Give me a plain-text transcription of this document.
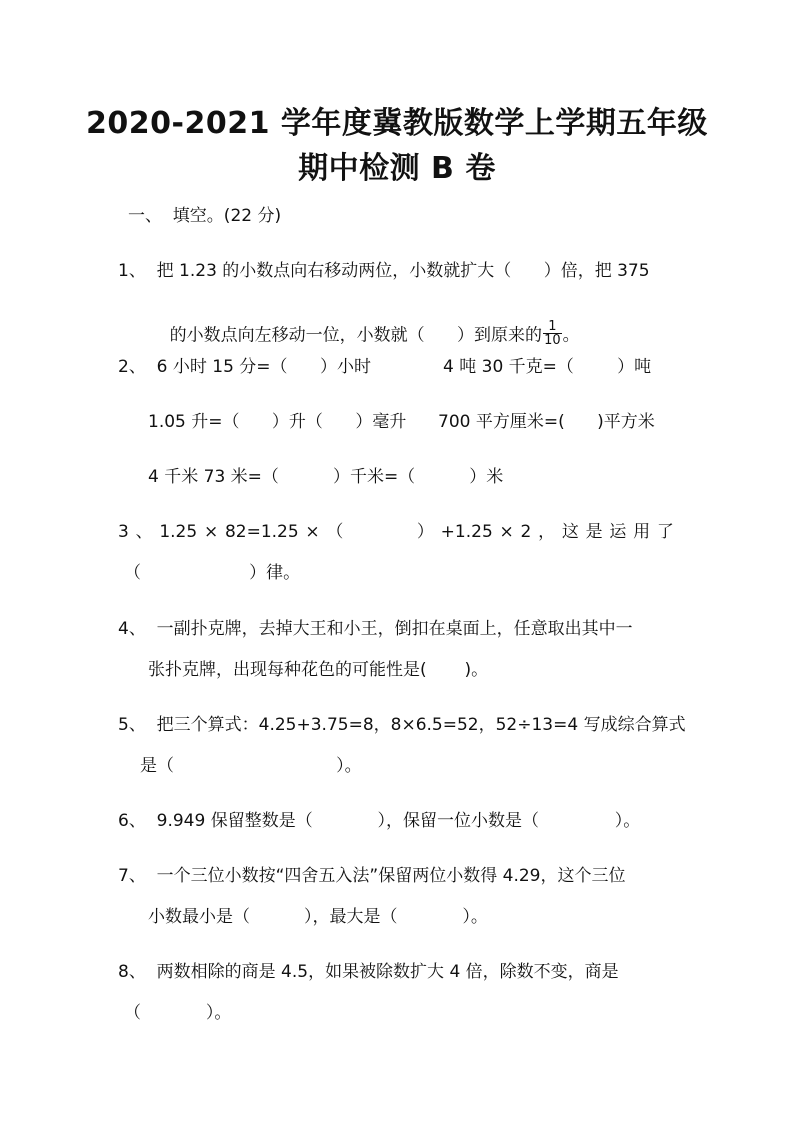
2020-2021 学年度冀教版数学上学期五年级
期中检测 B 卷
一、  填空。(22 分)
1、  把 1.23 的小数点向右移动两位，小数就扩大（      ）倍，把 375

的小数点向左移动一位，小数就（      ）到原来的 $\frac{1}{10}$ 。

2、  6 小时 15 分=（      ）小时	4 吨 30 千克=（        ）吨
1.05 升=（      ）升（      ）毫升 700 平方厘米=(      )平方米
4 千米 73 米=（          ）千米=（          ）米
3 、 1.25 × 82=1.25 × （	） +1.25 × 2 ， 这 是 运 用 了
（                    ）律。
4、  一副扑克牌，去掉大王和小王，倒扣在桌面上，任意取出其中一
张扑克牌，出现每种花色的可能性是(       )。
5、  把三个算式：4.25+3.75=8，8×6.5=52，52÷13=4 写成综合算式
是（                              ）。
6、  9.949 保留整数是（            ），保留一位小数是（              ）。
7、  一个三位小数按“四舍五入法”保留两位小数得 4.29，这个三位
小数最小是（          ），最大是（            ）。
8、  两数相除的商是 4.5，如果被除数扩大 4 倍，除数不变，商是
（            ）。
